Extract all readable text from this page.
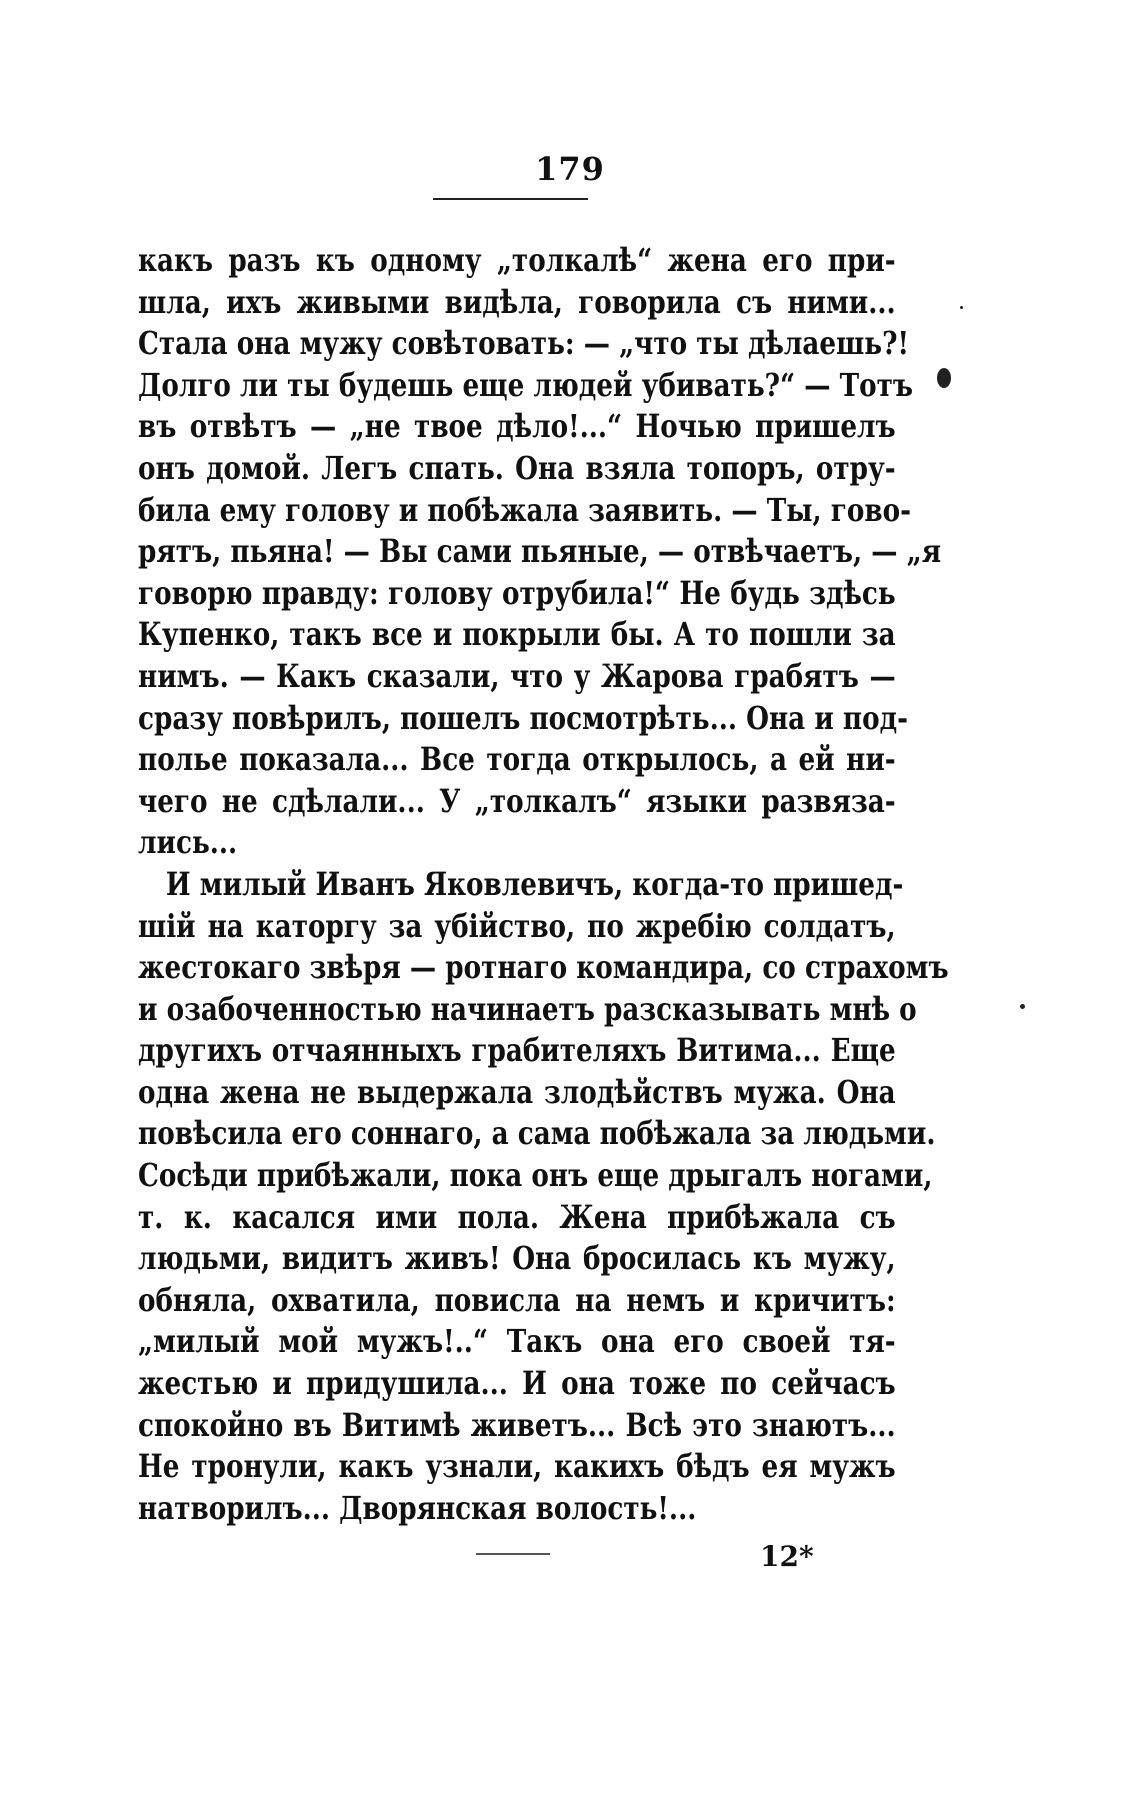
179
какъ разъ къ одному „толкалѣ“ жена его при-
шла, ихъ живыми видѣла, говорила съ ними...
Стала она мужу совѣтовать: — „что ты дѣлаешь?!
Долго ли ты будешь еще людей убивать?“ — Тотъ
въ отвѣтъ — „не твое дѣло!...“ Ночью пришелъ
онъ домой. Легъ спать. Она взяла топоръ, отру-
била ему голову и побѣжала заявить. — Ты, гово-
рятъ, пьяна! — Вы сами пьяные, — отвѣчаетъ, — „я
говорю правду: голову отрубила!“ Не будь здѣсь
Купенко, такъ все и покрыли бы. А то пошли за
нимъ. — Какъ сказали, что у Жарова грабятъ —
сразу повѣрилъ, пошелъ посмотрѣть... Она и под-
полье показала... Все тогда открылось, а ей ни-
чего не сдѣлали... У „толкалъ“ языки развяза-
лись...
И милый Иванъ Яковлевичъ, когда-то пришед-
шій на каторгу за убійство, по жребію солдатъ,
жестокаго звѣря — ротнаго командира, со страхомъ
и озабоченностью начинаетъ разсказывать мнѣ о
другихъ отчаянныхъ грабителяхъ Витима... Еще
одна жена не выдержала злодѣйствъ мужа. Она
повѣсила его соннаго, а сама побѣжала за людьми.
Сосѣди прибѣжали, пока онъ еще дрыгалъ ногами,
т. к. касался ими пола. Жена прибѣжала съ
людьми, видитъ живъ! Она бросилась къ мужу,
обняла, охватила, повисла на немъ и кричитъ:
„милый мой мужъ!..“ Такъ она его своей тя-
жестью и придушила... И она тоже по сейчасъ
спокойно въ Витимѣ живетъ... Всѣ это знаютъ...
Не тронули, какъ узнали, какихъ бѣдъ ея мужъ
натворилъ... Дворянская волость!...
12*
